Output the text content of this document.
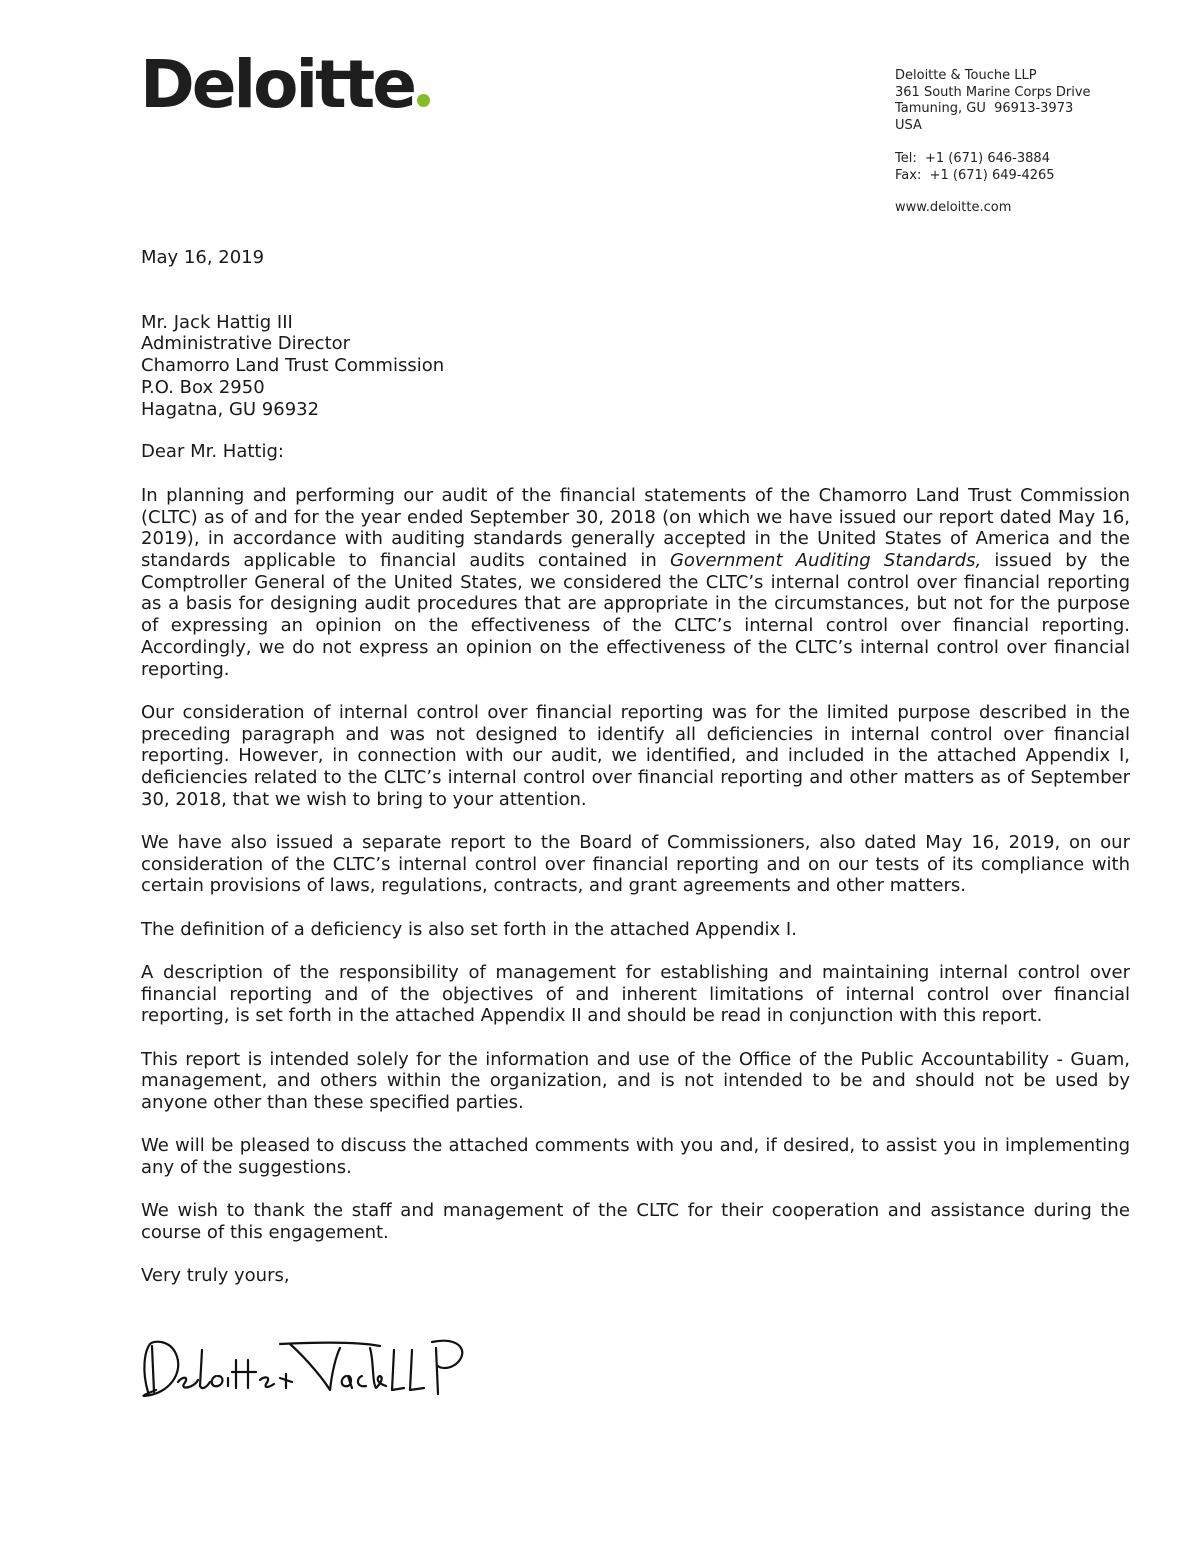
Deloitte	Deloitte & Touche LLP
361 South Marine Corps Drive
Tamuning, GU  96913-3973
USA
Tel:  +1 (671) 646-3884
Fax:  +1 (671) 649-4265
www.deloitte.com

May 16, 2019

Mr. Jack Hattig III

Administrative Director

Chamorro Land Trust Commission

P.O. Box 2950

Hagatna, GU 96932

Dear Mr. Hattig:

In planning and performing our audit of the financial statements of the Chamorro Land Trust Commission (CLTC) as of and for the year ended September 30, 2018 (on which we have issued our report dated May 16, 2019), in accordance with auditing standards generally accepted in the United States of America and the standards applicable to financial audits contained in Government Auditing Standards, issued by the Comptroller General of the United States, we considered the CLTC’s internal control over financial reporting as a basis for designing audit procedures that are appropriate in the circumstances, but not for the purpose of expressing an opinion on the effectiveness of the CLTC’s internal control over financial reporting. Accordingly, we do not express an opinion on the effectiveness of the CLTC’s internal control over financial reporting.

Our consideration of internal control over financial reporting was for the limited purpose described in the preceding paragraph and was not designed to identify all deficiencies in internal control over financial reporting. However, in connection with our audit, we identified, and included in the attached Appendix I, deficiencies related to the CLTC’s internal control over financial reporting and other matters as of September 30, 2018, that we wish to bring to your attention.

We have also issued a separate report to the Board of Commissioners, also dated May 16, 2019, on our consideration of the CLTC’s internal control over financial reporting and on our tests of its compliance with certain provisions of laws, regulations, contracts, and grant agreements and other matters.

The definition of a deficiency is also set forth in the attached Appendix I.

A description of the responsibility of management for establishing and maintaining internal control over financial reporting and of the objectives of and inherent limitations of internal control over financial reporting, is set forth in the attached Appendix II and should be read in conjunction with this report.

This report is intended solely for the information and use of the Office of the Public Accountability - Guam, management, and others within the organization, and is not intended to be and should not be used by anyone other than these specified parties.

We will be pleased to discuss the attached comments with you and, if desired, to assist you in implementing any of the suggestions.

We wish to thank the staff and management of the CLTC for their cooperation and assistance during the course of this engagement.

Very truly yours,
